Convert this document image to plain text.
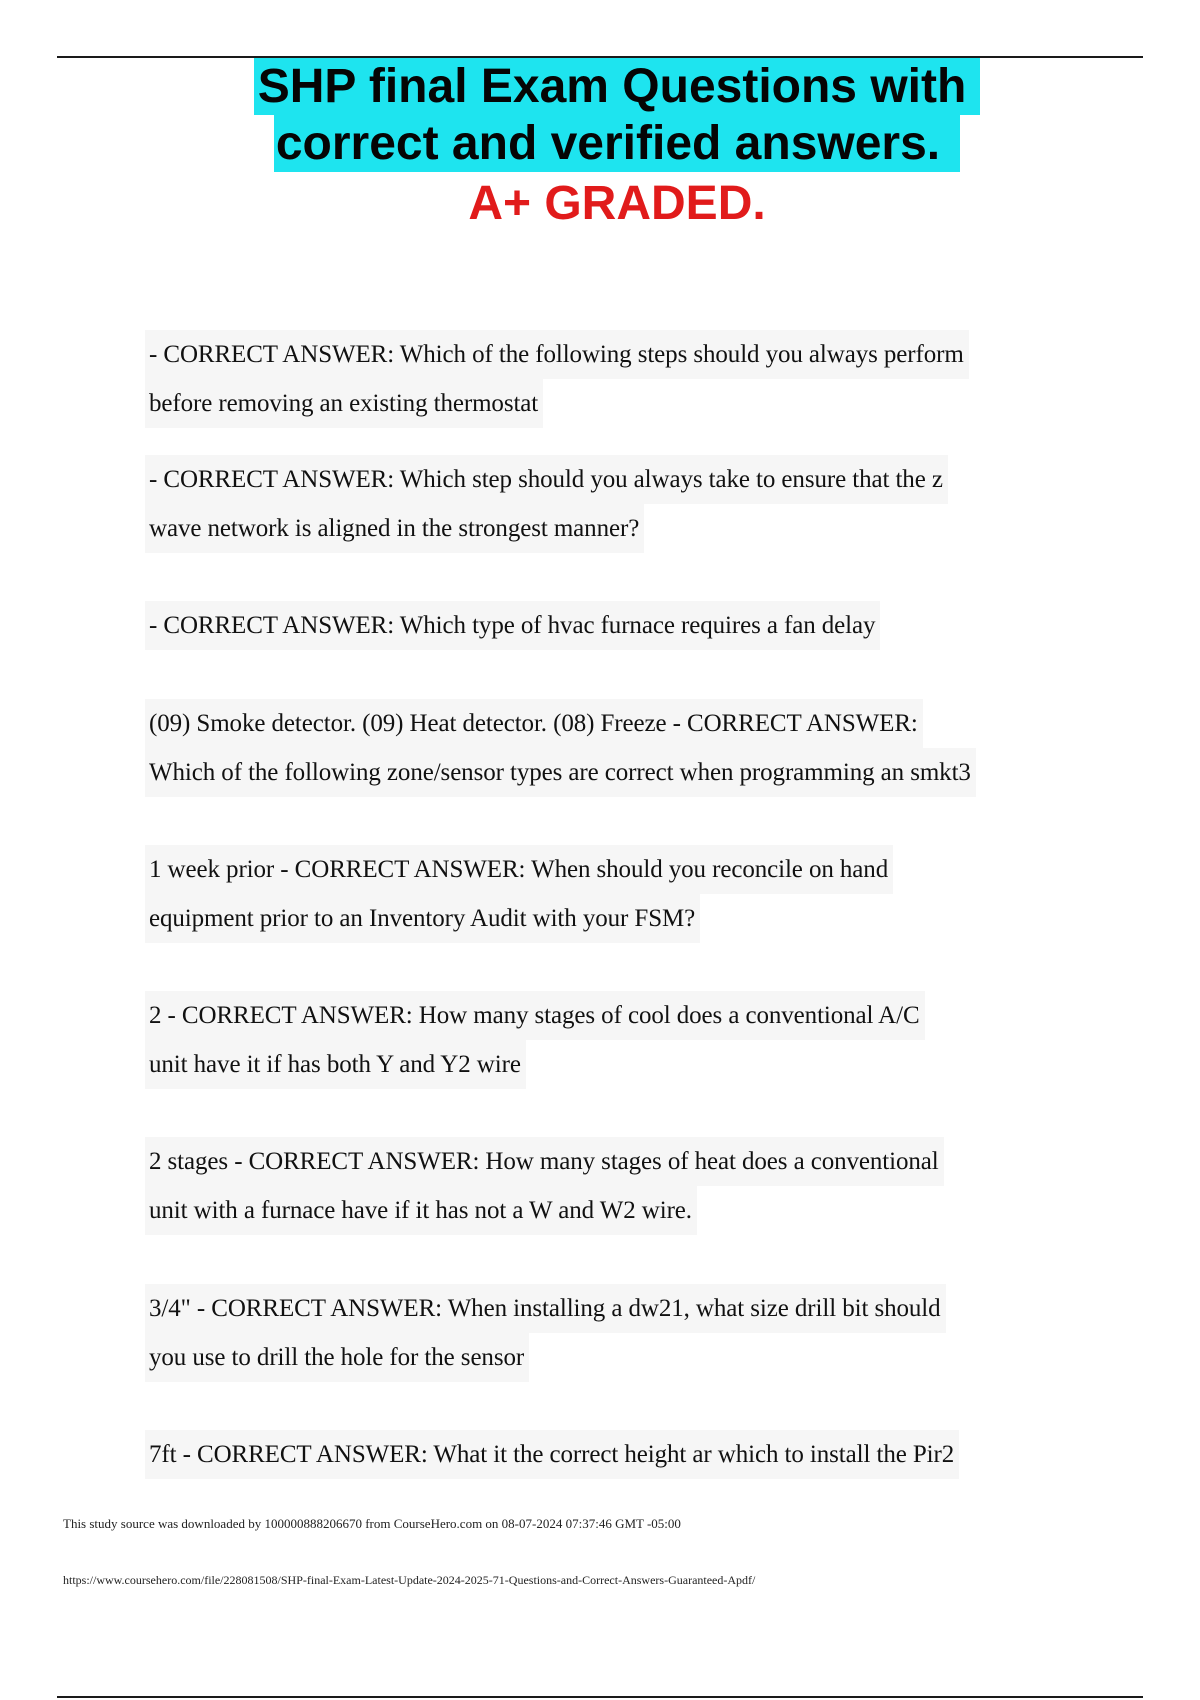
SHP final Exam Questions with
correct and verified answers.
A+ GRADED.
- CORRECT ANSWER: Which of the following steps should you always perform
before removing an existing thermostat
- CORRECT ANSWER: Which step should you always take to ensure that the z
wave network is aligned in the strongest manner?
- CORRECT ANSWER: Which type of hvac furnace requires a fan delay
(09) Smoke detector. (09) Heat detector. (08) Freeze - CORRECT ANSWER:
Which of the following zone/sensor types are correct when programming an smkt3
1 week prior - CORRECT ANSWER: When should you reconcile on hand
equipment prior to an Inventory Audit with your FSM?
2 - CORRECT ANSWER: How many stages of cool does a conventional A/C
unit have it if has both Y and Y2 wire
2 stages - CORRECT ANSWER: How many stages of heat does a conventional
unit with a furnace have if it has not a W and W2 wire.
3/4" - CORRECT ANSWER: When installing a dw21, what size drill bit should
you use to drill the hole for the sensor
7ft - CORRECT ANSWER: What it the correct height ar which to install the Pir2
This study source was downloaded by 100000888206670 from CourseHero.com on 08-07-2024 07:37:46 GMT -05:00
https://www.coursehero.com/file/228081508/SHP-final-Exam-Latest-Update-2024-2025-71-Questions-and-Correct-Answers-Guaranteed-Apdf/
